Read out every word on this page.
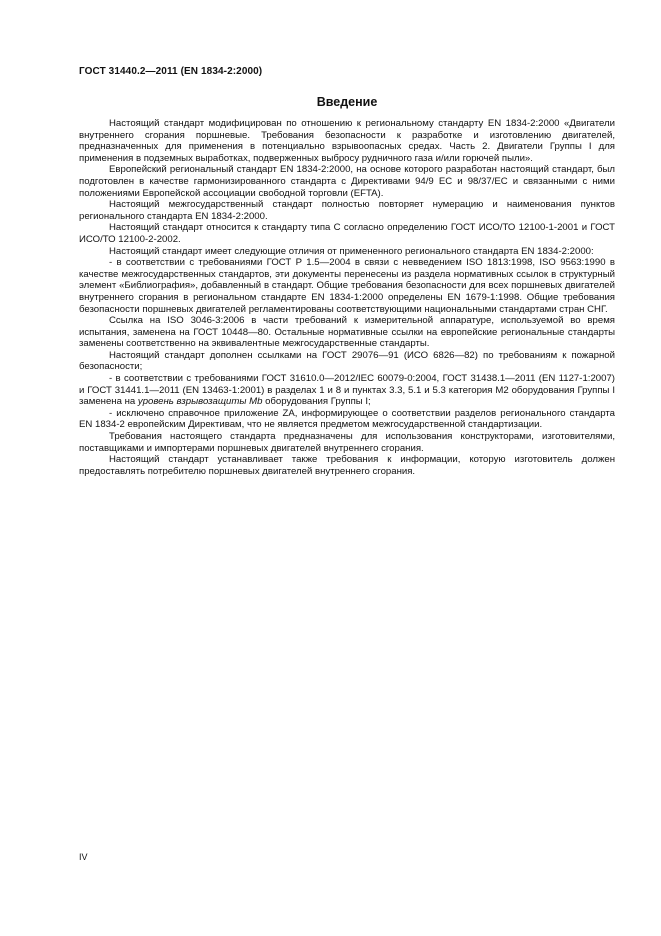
ГОСТ 31440.2—2011 (EN 1834-2:2000)
Введение

Настоящий стандарт модифицирован по отношению к региональному стандарту EN 1834-2:2000 «Двигатели внутреннего сгорания поршневые. Требования безопасности к разработке и изготовлению двигателей, предназначенных для применения в потенциально взрывоопасных средах. Часть 2. Двигатели Группы I для применения в подземных выработках, подверженных выбросу рудничного газа и/или горючей пыли».

Европейский региональный стандарт EN 1834-2:2000, на основе которого разработан настоящий стандарт, был подготовлен в качестве гармонизированного стандарта с Директивами 94/9 EC и 98/37/EC и связанными с ними положениями Европейской ассоциации свободной торговли (EFTA).

Настоящий межгосударственный стандарт полностью повторяет нумерацию и наименования пунктов регионального стандарта EN 1834-2:2000.

Настоящий стандарт относится к стандарту типа С согласно определению ГОСТ ИСО/ТО 12100-1-2001 и ГОСТ ИСО/ТО 12100-2-2002.

Настоящий стандарт имеет следующие отличия от примененного регионального стандарта EN 1834-2:2000:

- в соответствии с требованиями ГОСТ Р 1.5—2004 в связи с невведением ISO 1813:1998, ISO 9563:1990 в качестве межгосударственных стандартов, эти документы перенесены из раздела нормативных ссылок в структурный элемент «Библиография», добавленный в стандарт. Общие требования безопасности для всех поршневых двигателей внутреннего сгорания в региональном стандарте EN 1834-1:2000 определены EN 1679-1:1998. Общие требования безопасности поршневых двигателей регламентированы соответствующими национальными стандартами стран СНГ.

Ссылка на ISO 3046-3:2006 в части требований к измерительной аппаратуре, используемой во время испытания, заменена на ГОСТ 10448—80. Остальные нормативные ссылки на европейские региональные стандарты заменены соответственно на эквивалентные межгосударственные стандарты.

Настоящий стандарт дополнен ссылками на ГОСТ 29076—91 (ИСО 6826—82) по требованиям к пожарной безопасности;

- в соответствии с требованиями ГОСТ 31610.0—2012/IEC 60079-0:2004, ГОСТ 31438.1—2011 (EN 1127-1:2007) и ГОСТ 31441.1—2011 (EN 13463-1:2001) в разделах 1 и 8 и пунктах 3.3, 5.1 и 5.3 категория М2 оборудования Группы I заменена на уровень взрывозащиты Mb оборудования Группы I;

- исключено справочное приложение ZA, информирующее о соответствии разделов регионального стандарта EN 1834-2 европейским Директивам, что не является предметом межгосударственной стандартизации.

Требования настоящего стандарта предназначены для использования конструкторами, изготовителями, поставщиками и импортерами поршневых двигателей внутреннего сгорания.

Настоящий стандарт устанавливает также требования к информации, которую изготовитель должен предоставлять потребителю поршневых двигателей внутреннего сгорания.

IV
